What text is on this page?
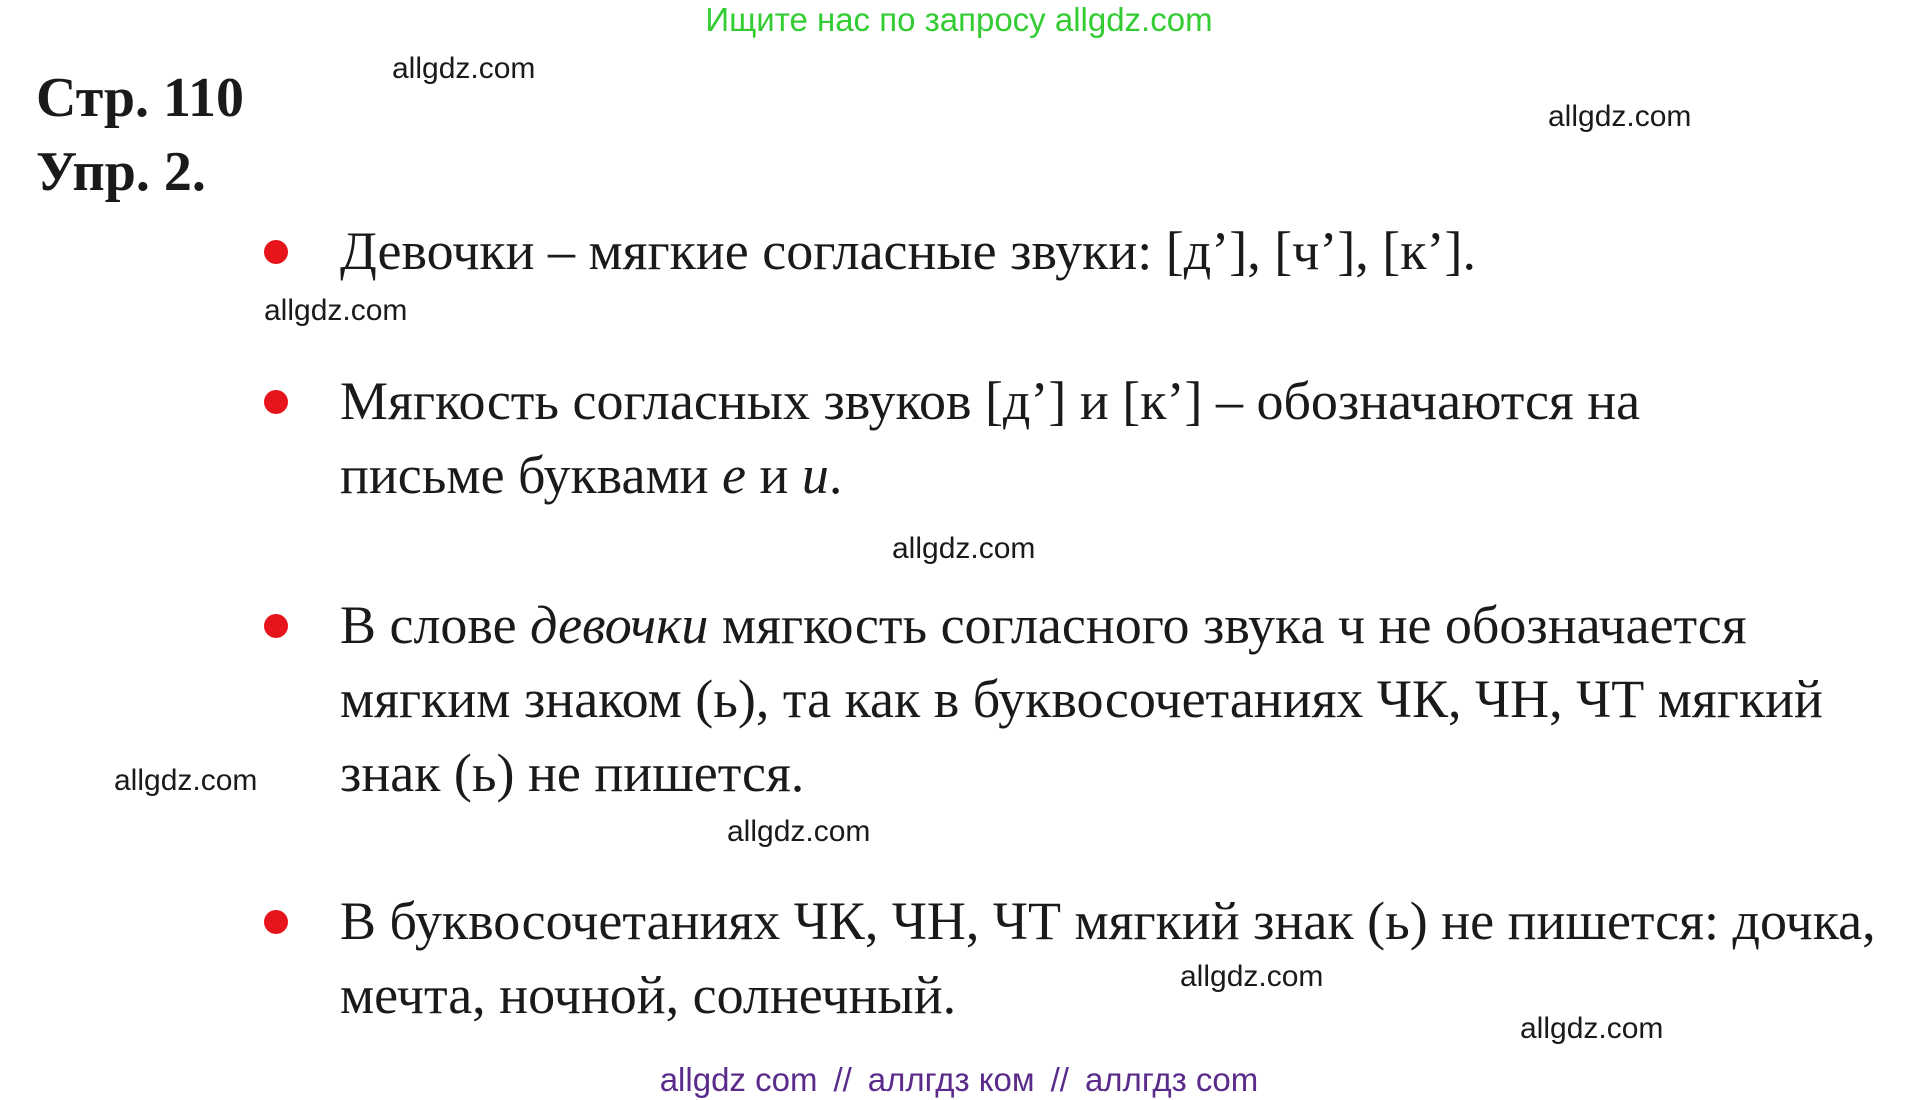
Ищите нас по запросу allgdz.com
Стр. 110
Упр. 2.
allgdz.com
allgdz.com
allgdz.com
allgdz.com
allgdz.com
allgdz.com
allgdz.com
allgdz.com
Девочки – мягкие согласные звуки: [д’], [ч’], [к’].
Мягкость согласных звуков [д’] и [к’] – обозначаются на письме буквами е и и.
В слове девочки мягкость согласного звука ч не обозначается мягким знаком (ь), та как в буквосочетаниях ЧК, ЧН, ЧТ мягкий знак (ь) не пишется.
В буквосочетаниях ЧК, ЧН, ЧТ мягкий знак (ь) не пишется: дочка, мечта, ночной, солнечный.
allgdz com // аллгдз ком // аллгдз com
